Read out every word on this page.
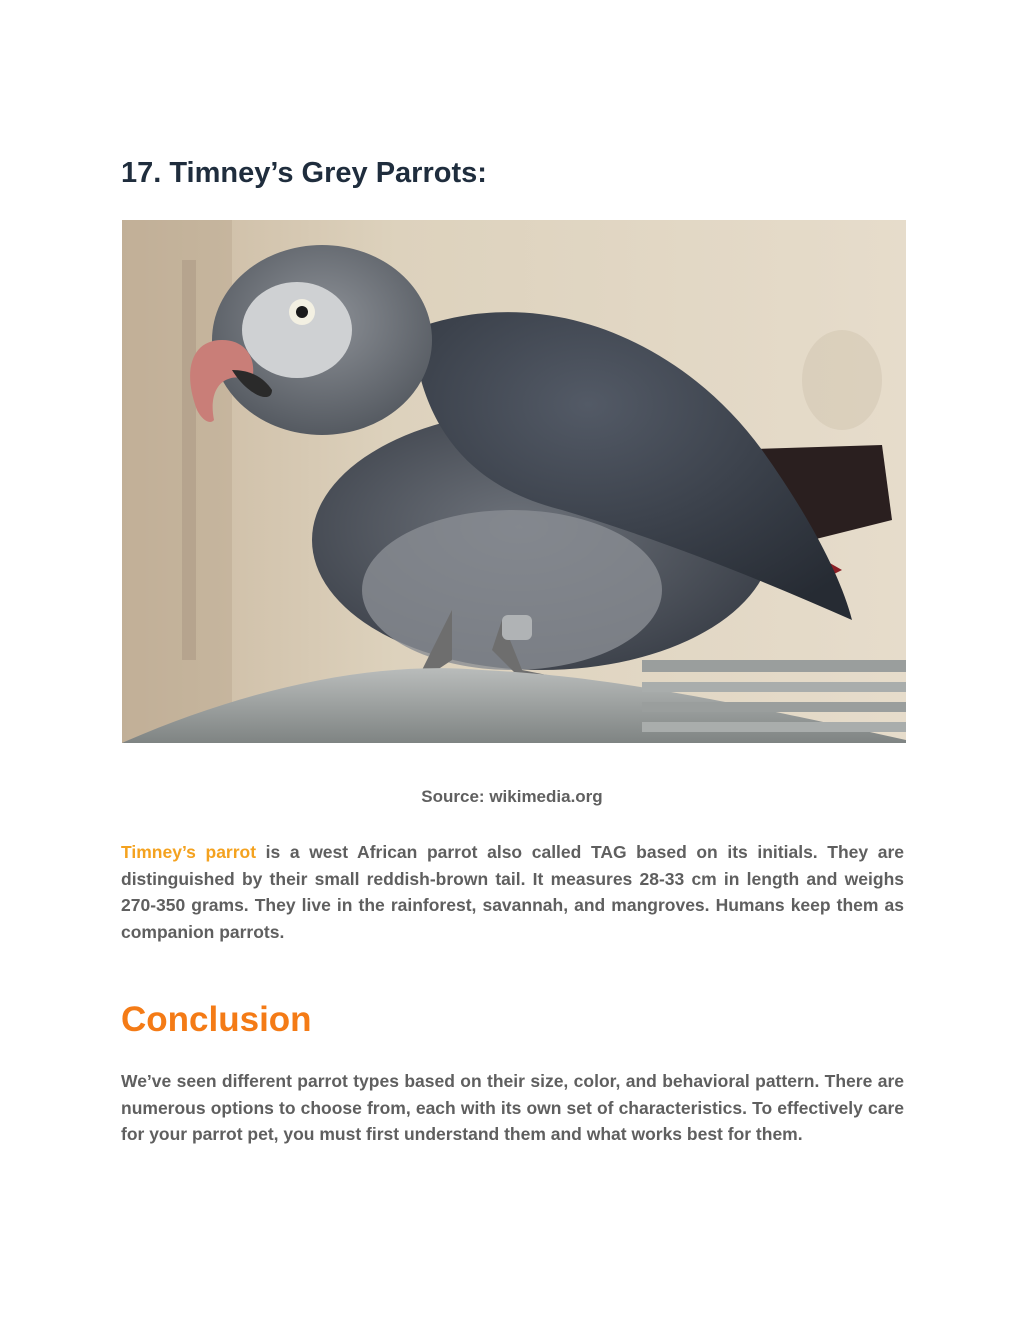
17. Timney’s Grey Parrots:
Source: wikimedia.org

Timney’s parrot is a west African parrot also called TAG based on its initials. They are distinguished by their small reddish-brown tail. It measures 28-33 cm in length and weighs 270-350 grams. They live in the rainforest, savannah, and mangroves. Humans keep them as companion parrots.

Conclusion

We’ve seen different parrot types based on their size, color, and behavioral pattern. There are numerous options to choose from, each with its own set of characteristics. To effectively care for your parrot pet, you must first understand them and what works best for them.
